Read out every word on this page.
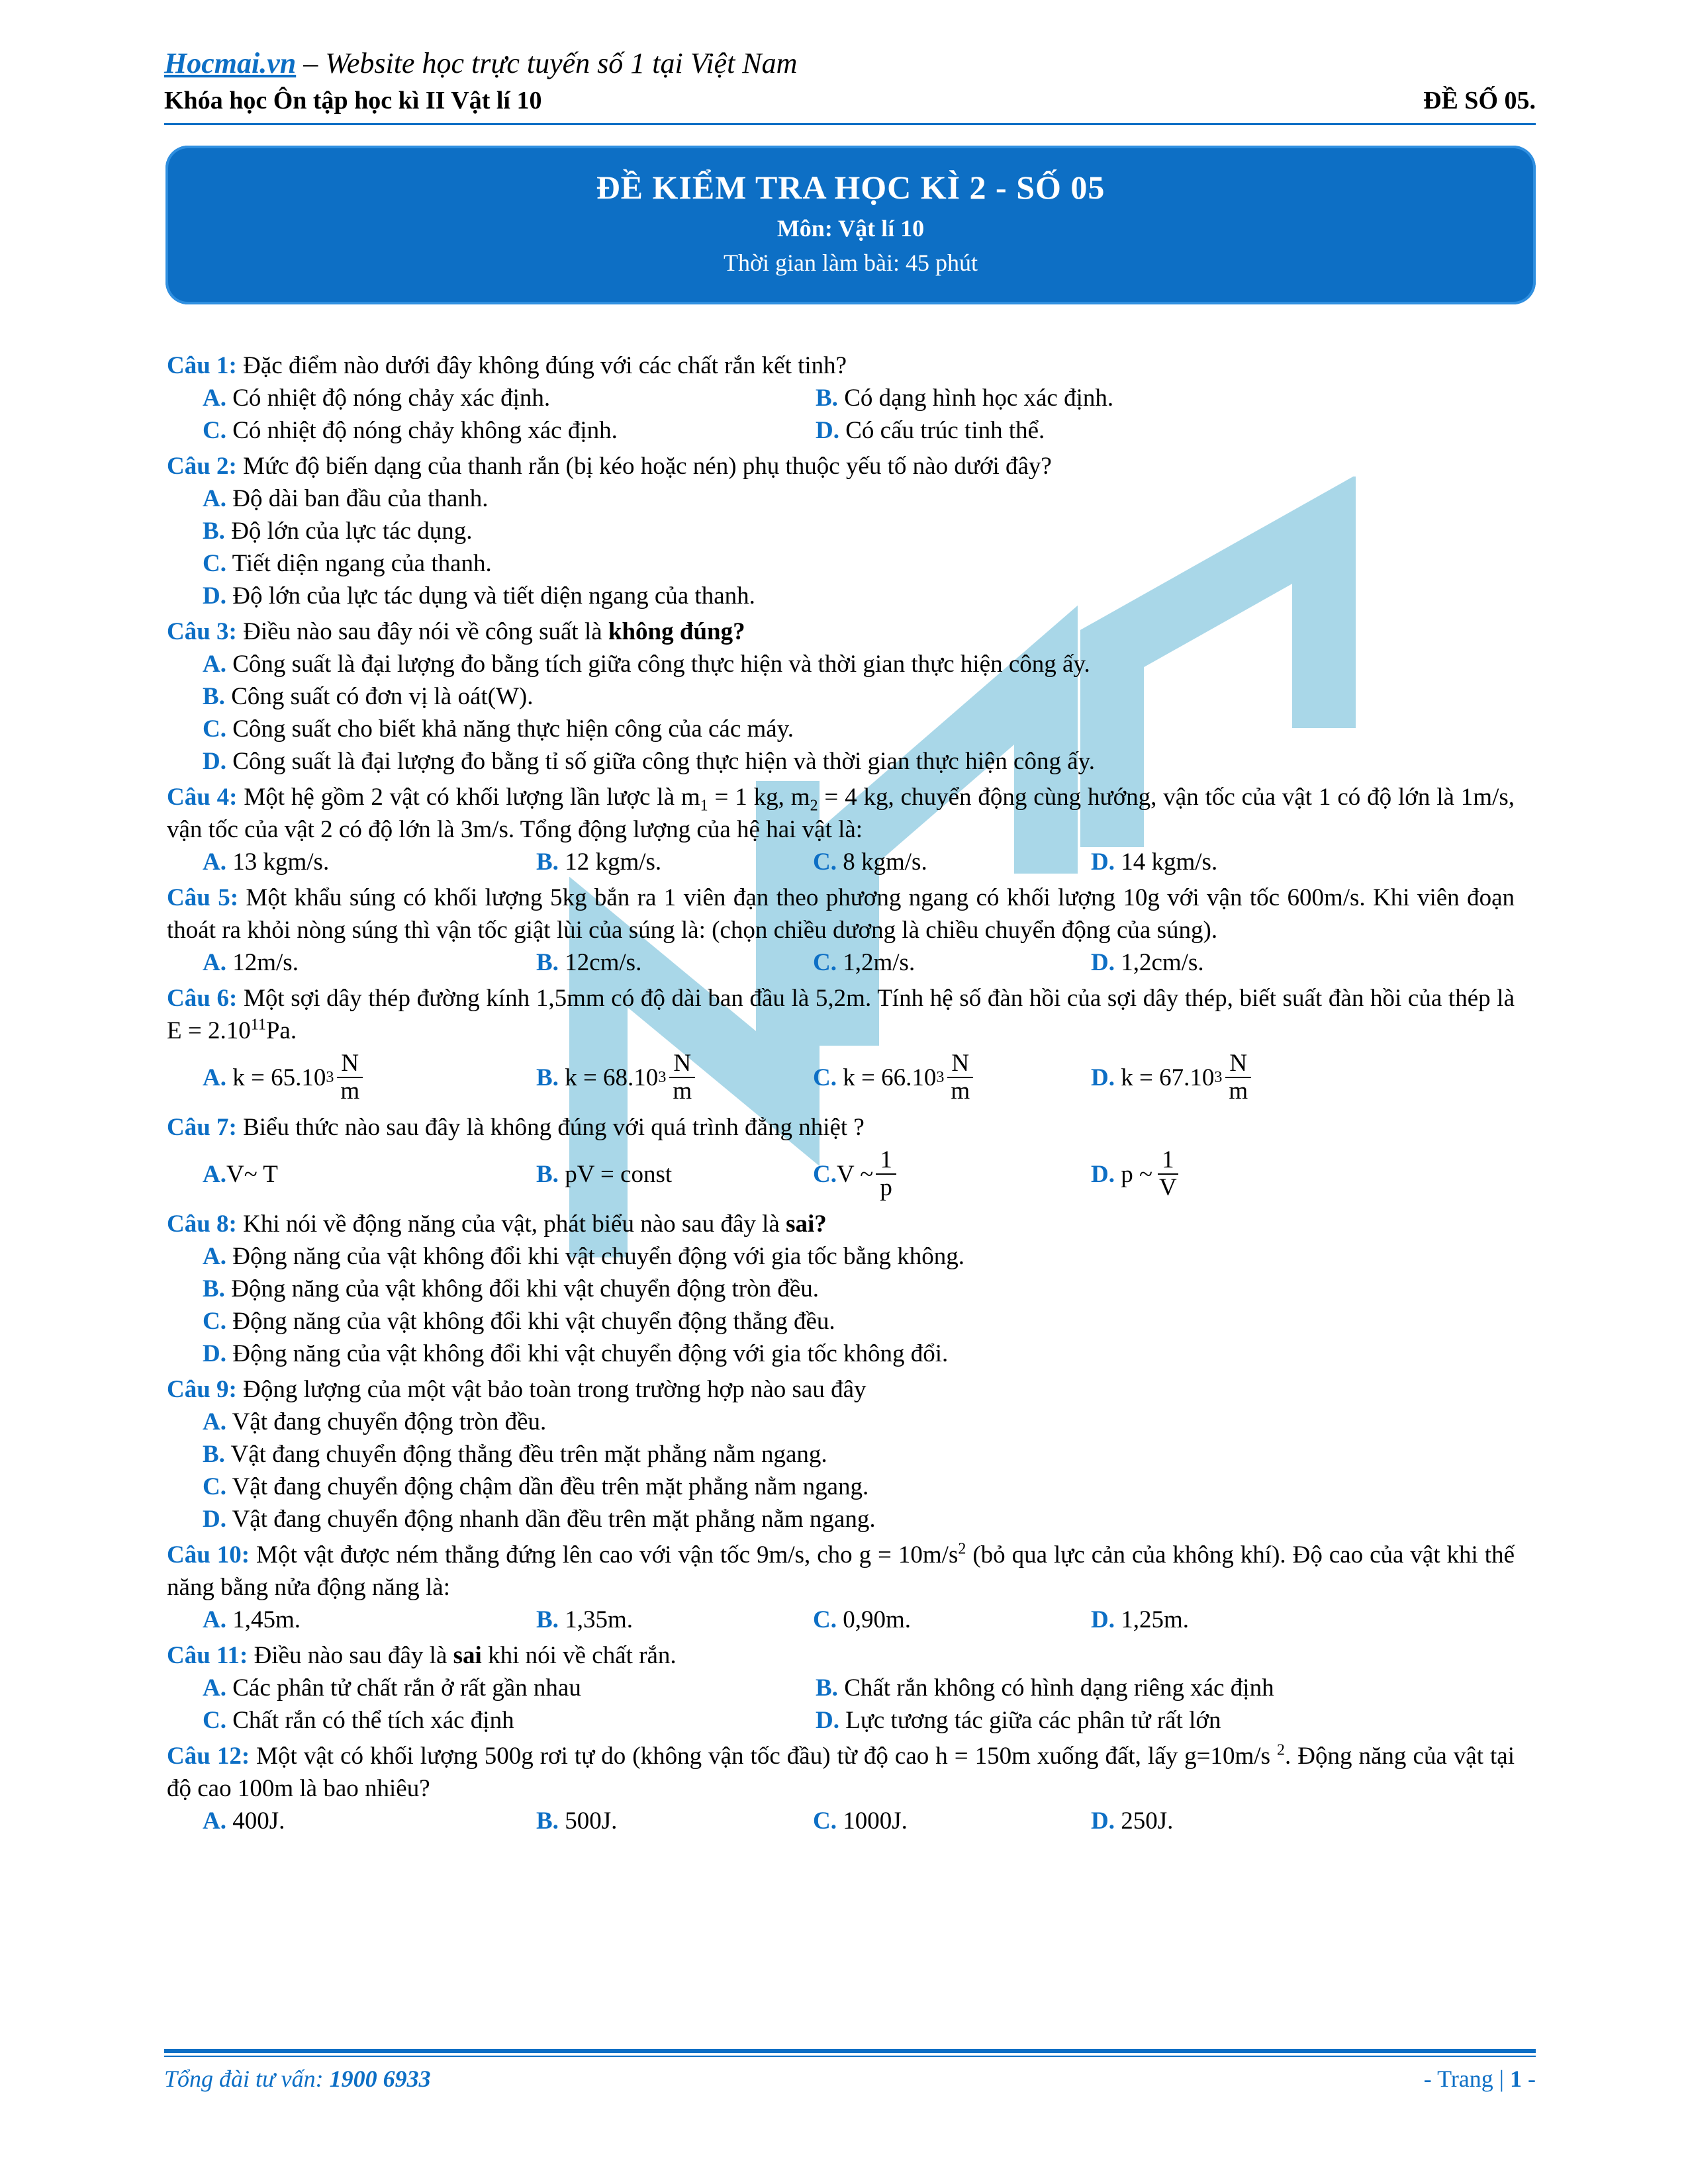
Hocmai.vn – Website học trực tuyến số 1 tại Việt Nam
Khóa học Ôn tập học kì II Vật lí 10	ĐỀ SỐ 05.
ĐỀ KIỂM TRA HỌC KÌ 2 - SỐ 05
Môn: Vật lí 10
Thời gian làm bài: 45 phút
Câu 1: Đặc điểm nào dưới đây không đúng với các chất rắn kết tinh?
A. Có nhiệt độ nóng chảy xác định.	B. Có dạng hình học xác định.
C. Có nhiệt độ nóng chảy không xác định.	D. Có cấu trúc tinh thể.
Câu 2: Mức độ biến dạng của thanh rắn (bị kéo hoặc nén) phụ thuộc yếu tố nào dưới đây?
A. Độ dài ban đầu của thanh.
B. Độ lớn của lực tác dụng.
C. Tiết diện ngang của thanh.
D. Độ lớn của lực tác dụng và tiết diện ngang của thanh.
Câu 3: Điều nào sau đây nói về công suất là không đúng?
A. Công suất là đại lượng đo bằng tích giữa công thực hiện và thời gian thực hiện công ấy.
B. Công suất có đơn vị là oát(W).
C. Công suất cho biết khả năng thực hiện công của các máy.
D. Công suất là đại lượng đo bằng tỉ số giữa công thực hiện và thời gian thực hiện công ấy.
Câu 4: Một hệ gồm 2 vật có khối lượng lần lược là $m_1 = 1$ kg, $m_2 = 4$ kg, chuyển động cùng hướng, vận tốc của vật 1 có độ lớn là 1m/s, vận tốc của vật 2 có độ lớn là 3m/s. Tổng động lượng của hệ hai vật là:
A. 13 kgm/s.	B. 12 kgm/s.	C. 8 kgm/s.	D. 14 kgm/s.
Câu 5: Một khẩu súng có khối lượng 5kg bắn ra 1 viên đạn theo phương ngang có khối lượng 10g với vận tốc 600m/s. Khi viên đoạn thoát ra khỏi nòng súng thì vận tốc giật lùi của súng là: (chọn chiều dương là chiều chuyển động của súng).
A. 12m/s.	B. 12cm/s.	C. 1,2m/s.	D. 1,2cm/s.
Câu 6: Một sợi dây thép đường kính 1,5mm có độ dài ban đầu là 5,2m. Tính hệ số đàn hồi của sợi dây thép, biết suất đàn hồi của thép là $E = 2.10^{11}Pa$.
A.
k = 65.10 $3 \frac{N}{m}$	B.
k = 68.10 $3 \frac{N}{m}$	C.
k = 66.10 $3 \frac{N}{m}$	D.
k = 67.10 $3 \frac{N}{m}$
Câu 7: Biểu thức nào sau đây là không đúng với quá trình đẳng nhiệt ?
A. V~ T	B.
pV = const	C. V ~ $\frac{1}{p}$	D.
p ~ $\frac{1}{V}$
Câu 8: Khi nói về động năng của vật, phát biểu nào sau đây là sai?
A. Động năng của vật không đổi khi vật chuyển động với gia tốc bằng không.
B. Động năng của vật không đổi khi vật chuyển động tròn đều.
C. Động năng của vật không đổi khi vật chuyển động thẳng đều.
D. Động năng của vật không đổi khi vật chuyển động với gia tốc không đổi.
Câu 9: Động lượng của một vật bảo toàn trong trường hợp nào sau đây
A. Vật đang chuyển động tròn đều.
B. Vật đang chuyển động thẳng đều trên mặt phẳng nằm ngang.
C. Vật đang chuyển động chậm dần đều trên mặt phẳng nằm ngang.
D. Vật đang chuyển động nhanh dần đều trên mặt phẳng nằm ngang.
Câu 10: Một vật được ném thẳng đứng lên cao với vận tốc 9m/s, cho $g = 10m/s^2$ (bỏ qua lực cản của không khí). Độ cao của vật khi thế năng bằng nửa động năng là:
A. 1,45m.	B. 1,35m.	C. 0,90m.	D. 1,25m.
Câu 11: Điều nào sau đây là sai khi nói về chất rắn.
A. Các phân tử chất rắn ở rất gần nhau	B. Chất rắn không có hình dạng riêng xác định
C. Chất rắn có thể tích xác định	D. Lực tương tác giữa các phân tử rất lớn
Câu 12: Một vật có khối lượng 500g rơi tự do (không vận tốc đầu) từ độ cao h = 150m xuống đất, lấy g=10m/s $^2$. Động năng của vật tại độ cao 100m là bao nhiêu?
A. 400J.	B. 500J.	C. 1000J.	D. 250J.
Tổng đài tư vấn: 1900 6933	- Trang | 1 -
